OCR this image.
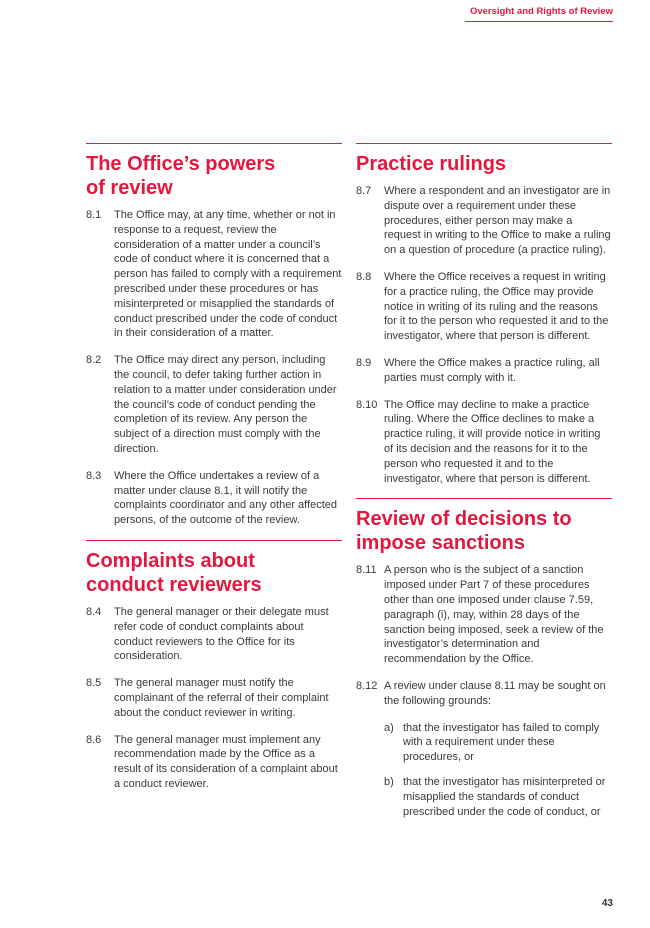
Oversight and Rights of Review
The Office’s powers
of review
8.1	The Office may, at any time, whether or not in response to a request, review the consideration of a matter under a council’s code of conduct where it is concerned that a person has failed to comply with a requirement prescribed under these procedures or has misinterpreted or misapplied the standards of conduct prescribed under the code of conduct in their consideration of a matter.
8.2	The Office may direct any person, including the council, to defer taking further action in relation to a matter under consideration under the council’s code of conduct pending the completion of its review. Any person the subject of a direction must comply with the direction.
8.3	Where the Office undertakes a review of a matter under clause 8.1, it will notify the complaints coordinator and any other affected persons, of the outcome of the review.
Complaints about
conduct reviewers
8.4	The general manager or their delegate must refer code of conduct complaints about conduct reviewers to the Office for its consideration.
8.5	The general manager must notify the complainant of the referral of their complaint about the conduct reviewer in writing.
8.6	The general manager must implement any recommendation made by the Office as a result of its consideration of a complaint about a conduct reviewer.
Practice rulings
8.7	Where a respondent and an investigator are in dispute over a requirement under these procedures, either person may make a request in writing to the Office to make a ruling on a question of procedure (a practice ruling).
8.8	Where the Office receives a request in writing for a practice ruling, the Office may provide notice in writing of its ruling and the reasons for it to the person who requested it and to the investigator, where that person is different.
8.9	Where the Office makes a practice ruling, all parties must comply with it.
8.10 The Office may decline to make a practice ruling. Where the Office declines to make a practice ruling, it will provide notice in writing of its decision and the reasons for it to the person who requested it and to the investigator, where that person is different.
Review of decisions to
impose sanctions
8.11 A person who is the subject of a sanction imposed under Part 7 of these procedures other than one imposed under clause 7.59, paragraph (i), may, within 28 days of the sanction being imposed, seek a review of the investigator’s determination and recommendation by the Office.
8.12 A review under clause 8.11 may be sought on the following grounds:
a) that the investigator has failed to comply with a requirement under these procedures, or
b) that the investigator has misinterpreted or misapplied the standards of conduct prescribed under the code of conduct, or
43
